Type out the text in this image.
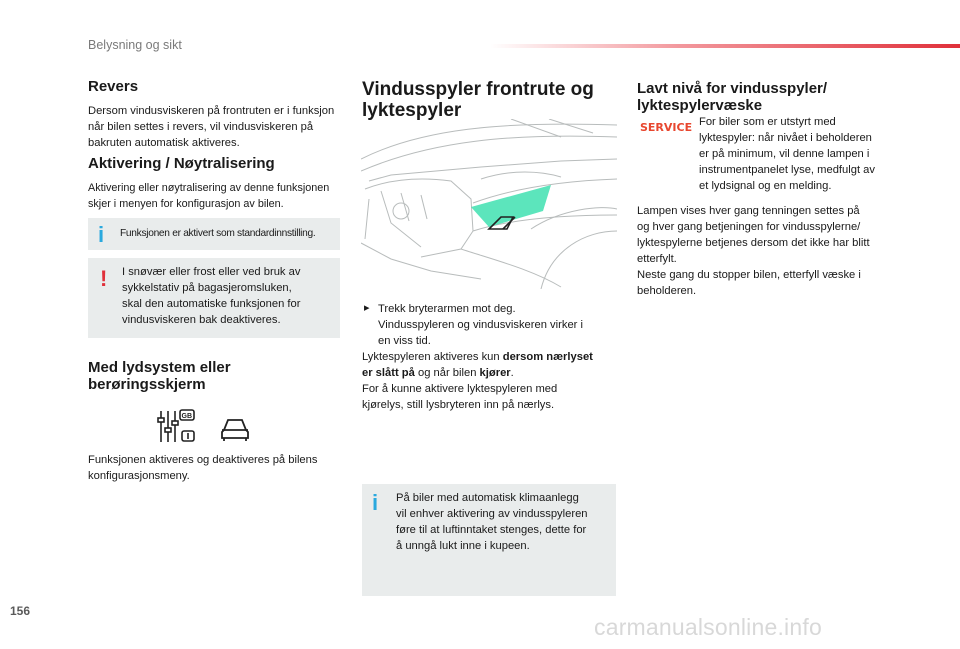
Belysning og sikt
Revers
Dersom vindusviskeren på frontruten er i funksjon
når bilen settes i revers, vil vindusviskeren på
bakruten automatisk aktiveres.
Aktivering / Nøytralisering
Aktivering eller nøytralisering av denne funksjonen
skjer i menyen for konfigurasjon av bilen.
i Funksjonen er aktivert som standardinnstilling.
! I snøvær eller frost eller ved bruk av
sykkelstativ på bagasjeromsluken,
skal den automatiske funksjonen for
vindusviskeren bak deaktiveres.
Med lydsystem eller
berøringsskjerm
GB
Funksjonen aktiveres og deaktiveres på bilens
konfigurasjonsmeny.
Vindusspyler frontrute og
lyktespyler
▸ Trekk bryterarmen mot deg.
Vindusspyleren og vindusviskeren virker i
en viss tid.
Lyktespyleren aktiveres kun dersom nærlyset
er slått på og når bilen kjører.
For å kunne aktivere lyktespyleren med
kjørelys, still lysbryteren inn på nærlys.
i På biler med automatisk klimaanlegg
vil enhver aktivering av vindusspyleren
føre til at luftinntaket stenges, dette for
å unngå lukt inne i kupeen.
Lavt nivå for vindusspyler/
lyktespylervæske
SERVICE For biler som er utstyrt med
lyktespyler: når nivået i beholderen
er på minimum, vil denne lampen i
instrumentpanelet lyse, medfulgt av
et lydsignal og en melding.
Lampen vises hver gang tenningen settes på
og hver gang betjeningen for vindusspylerne/
lyktespylerne betjenes dersom det ikke har blitt
etterfylt.
Neste gang du stopper bilen, etterfyll væske i
beholderen.
156
carmanualsonline.info
